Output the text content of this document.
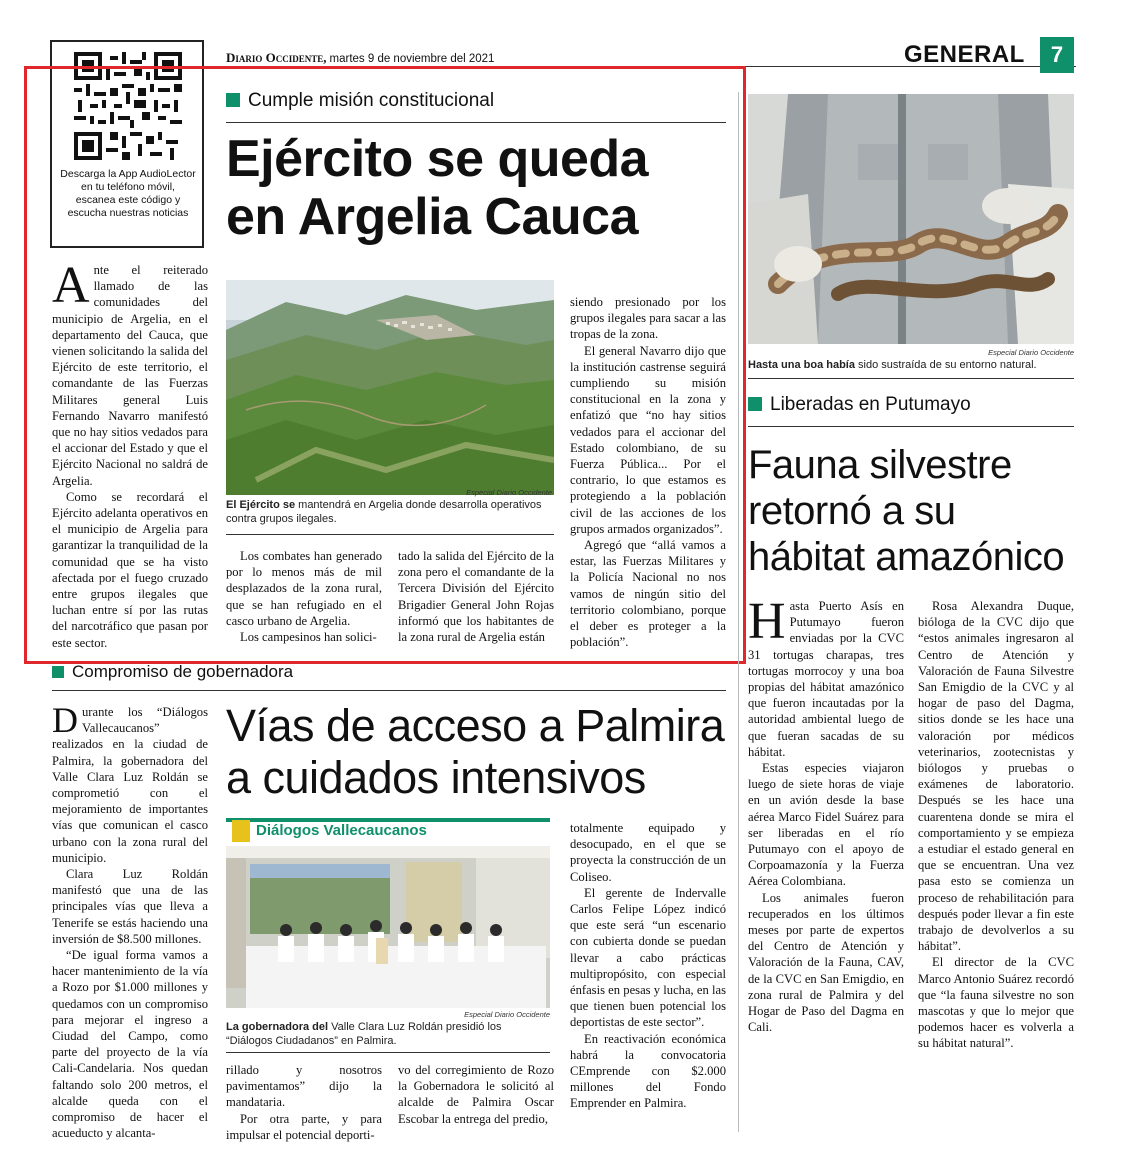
Diario Occidente, martes 9 de noviembre del 2021	GENERAL	7
Descarga la App AudioLector en tu teléfono móvil, escanea este código y escucha nuestras noticias
Cumple misión constitucional
Ejército se queda
en Argelia Cauca

Ante el reiterado llamado de las comunidades del municipio de Argelia, en el departamento del Cauca, que vienen solicitando la salida del Ejército de este territorio, el comandante de las Fuerzas Militares general Luis Fernando Navarro manifestó que no hay sitios vedados para el accionar del Estado y que el Ejército Nacional no saldrá de Argelia.

Como se recordará el Ejército adelanta operativos en el municipio de Argelia para garantizar la tranquilidad de la comunidad que se ha visto afectada por el fuego cruzado entre grupos ilegales que luchan entre sí por las rutas del narcotráfico que pasan por este sector.

Especial Diario Occidente
El Ejército se mantendrá en Argelia donde desarrolla operativos contra grupos ilegales.

Los combates han generado por lo menos más de mil desplazados de la zona rural, que se han refugiado en el casco urbano de Argelia.

Los campesinos han solici-

tado la salida del Ejército de la zona pero el comandante de la Tercera División del Ejército Brigadier General John Rojas informó que los habitantes de la zona rural de Argelia están

siendo presionado por los grupos ilegales para sacar a las tropas de la zona.

El general Navarro dijo que la institución castrense seguirá cumpliendo su misión constitucional en la zona y enfatizó que “no hay sitios vedados para el accionar del Estado colombiano, de su Fuerza Pública... Por el contrario, lo que estamos es protegiendo a la población civil de las acciones de los grupos armados organizados”.

Agregó que “allá vamos a estar, las Fuerzas Militares y la Policía Nacional no nos vamos de ningún sitio del territorio colombiano, porque el deber es proteger a la población”.

Compromiso de gobernadora
Vías de acceso a Palmira
a cuidados intensivos

Durante los “Diálogos Vallecaucanos” realizados en la ciudad de Palmira, la gobernadora del Valle Clara Luz Roldán se comprometió con el mejoramiento de importantes vías que comunican el casco urbano con la zona rural del municipio.

Clara Luz Roldán manifestó que una de las principales vías que lleva a Tenerife se estás haciendo una inversión de $8.500 millones.

“De igual forma vamos a hacer mantenimiento de la vía a Rozo por $1.000 millones y quedamos con un compromiso para mejorar el ingreso a Ciudad del Campo, como parte del proyecto de la vía Cali-Candelaria. Nos quedan faltando solo 200 metros, el alcalde queda con el compromiso de hacer el acueducto y alcanta-

Diálogos Vallecaucanos
Especial Diario Occidente
La gobernadora del Valle Clara Luz Roldán presidió los “Diálogos Ciudadanos” en Palmira.

rillado y nosotros pavimentamos” dijo la mandataria.

Por otra parte, y para impulsar el potencial deporti-

vo del corregimiento de Rozo la Gobernadora le solicitó al alcalde de Palmira Oscar Escobar la entrega del predio,

totalmente equipado y desocupado, en el que se proyecta la construcción de un Coliseo.

El gerente de Indervalle Carlos Felipe López indicó que este será “un escenario con cubierta donde se puedan llevar a cabo prácticas multipropósito, con especial énfasis en pesas y lucha, en las que tienen buen potencial los deportistas de este sector”.

En reactivación económica habrá la convocatoria CEmprende con $2.000 millones del Fondo Emprender en Palmira.

Especial Diario Occidente
Hasta una boa había sido sustraída de su entorno natural.
Liberadas en Putumayo
Fauna silvestre
retornó a su
hábitat amazónico

Hasta Puerto Asís en Putumayo fueron enviadas por la CVC 31 tortugas charapas, tres tortugas morrocoy y una boa propias del hábitat amazónico que fueron incautadas por la autoridad ambiental luego de que fueran sacadas de su hábitat.

Estas especies viajaron luego de siete horas de viaje en un avión desde la base aérea Marco Fidel Suárez para ser liberadas en el río Putumayo con el apoyo de Corpoamazonía y la Fuerza Aérea Colombiana.

Los animales fueron recuperados en los últimos meses por parte de expertos del Centro de Atención y Valoración de la Fauna, CAV, de la CVC en San Emigdio, en zona rural de Palmira y del Hogar de Paso del Dagma en Cali.

Rosa Alexandra Duque, bióloga de la CVC dijo que “estos animales ingresaron al Centro de Atención y Valoración de Fauna Silvestre San Emigdio de la CVC y al hogar de paso del Dagma, sitios donde se les hace una valoración por médicos veterinarios, zootecnistas y biólogos y pruebas o exámenes de laboratorio. Después se les hace una cuarentena donde se mira el comportamiento y se empieza a estudiar el estado general en que se encuentran. Una vez pasa esto se comienza un proceso de rehabilitación para después poder llevar a fin este trabajo de devolverlos a su hábitat”.

El director de la CVC Marco Antonio Suárez recordó que “la fauna silvestre no son mascotas y que lo mejor que podemos hacer es volverla a su hábitat natural”.
